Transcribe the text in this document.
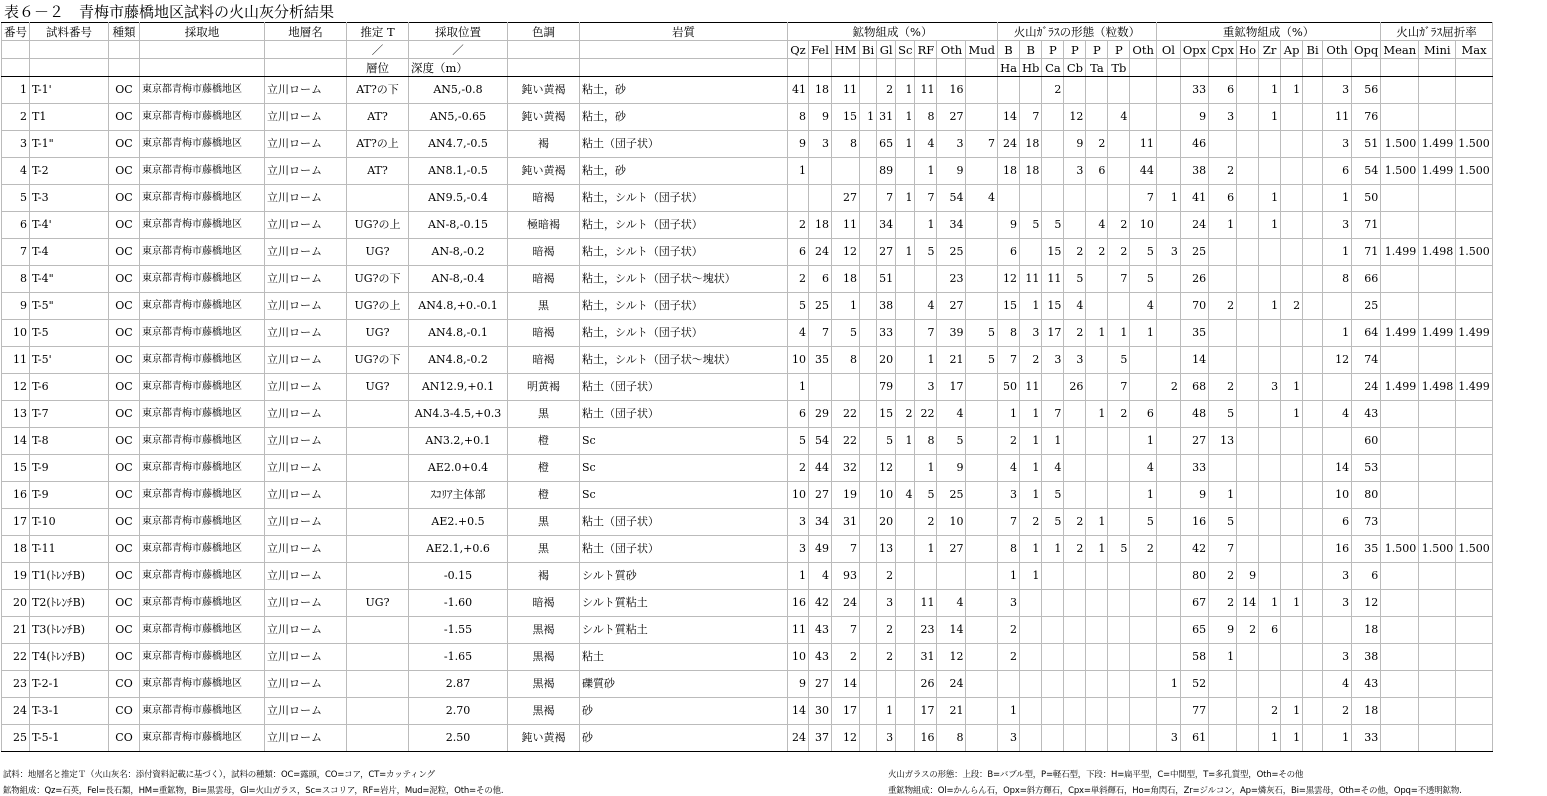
表６－２　青梅市藤橋地区試料の火山灰分析結果
番号	試料番号	種類	採取地	地層名	推定 T	採取位置	色調	岩質	鉱物組成（%）									火山ｶﾞﾗｽの形態（粒数）							重鉱物組成（%）									火山ｶﾞﾗｽ屈折率		
					／	／			Qz	Fel	HM	Bi	Gl	Sc	RF	Oth	Mud	B	B	P	P	P	P	Oth	Ol	Opx	Cpx	Ho	Zr	Ap	Bi	Oth	Opq	Mean	Mini	Max
					層位	深度（m）												Ha	Hb	Ca	Cb	Ta	Tb													
1	T-1'	OC	東京都青梅市藤橋地区	立川ローム	AT?の下	AN5,-0.8	鈍い黄褐	粘土，砂	41	18	11		2	1	11	16				2						33	6		1	1		3	56			
2	T1	OC	東京都青梅市藤橋地区	立川ローム	AT?	AN5,-0.65	鈍い黄褐	粘土，砂	8	9	15	1	31	1	8	27		14	7		12		4			9	3		1			11	76			
3	T-1"	OC	東京都青梅市藤橋地区	立川ローム	AT?の上	AN4.7,-0.5	褐	粘土（団子状）	9	3	8		65	1	4	3	7	24	18		9	2		11		46						3	51	1.500	1.499	1.500
4	T-2	OC	東京都青梅市藤橋地区	立川ローム	AT?	AN8.1,-0.5	鈍い黄褐	粘土，砂	1				89		1	9		18	18		3	6		44		38	2					6	54	1.500	1.499	1.500
5	T-3	OC	東京都青梅市藤橋地区	立川ローム		AN9.5,-0.4	暗褐	粘土，シルト（団子状）			27		7	1	7	54	4							7	1	41	6		1			1	50			
6	T-4'	OC	東京都青梅市藤橋地区	立川ローム	UG?の上	AN-8,-0.15	極暗褐	粘土，シルト（団子状）	2	18	11		34		1	34		9	5	5		4	2	10		24	1		1			3	71			
7	T-4	OC	東京都青梅市藤橋地区	立川ローム	UG?	AN-8,-0.2	暗褐	粘土，シルト（団子状）	6	24	12		27	1	5	25		6		15	2	2	2	5	3	25						1	71	1.499	1.498	1.500
8	T-4"	OC	東京都青梅市藤橋地区	立川ローム	UG?の下	AN-8,-0.4	暗褐	粘土，シルト（団子状～塊状）	2	6	18		51			23		12	11	11	5		7	5		26						8	66			
9	T-5"	OC	東京都青梅市藤橋地区	立川ローム	UG?の上	AN4.8,+0.-0.1	黒	粘土，シルト（団子状）	5	25	1		38		4	27		15	1	15	4			4		70	2		1	2			25			
10	T-5	OC	東京都青梅市藤橋地区	立川ローム	UG?	AN4.8,-0.1	暗褐	粘土，シルト（団子状）	4	7	5		33		7	39	5	8	3	17	2	1	1	1		35						1	64	1.499	1.499	1.499
11	T-5'	OC	東京都青梅市藤橋地区	立川ローム	UG?の下	AN4.8,-0.2	暗褐	粘土，シルト（団子状～塊状）	10	35	8		20		1	21	5	7	2	3	3		5			14						12	74			
12	T-6	OC	東京都青梅市藤橋地区	立川ローム	UG?	AN12.9,+0.1	明黄褐	粘土（団子状）	1				79		3	17		50	11		26		7		2	68	2		3	1			24	1.499	1.498	1.499
13	T-7	OC	東京都青梅市藤橋地区	立川ローム		AN4.3-4.5,+0.3	黒	粘土（団子状）	6	29	22		15	2	22	4		1	1	7		1	2	6		48	5			1		4	43			
14	T-8	OC	東京都青梅市藤橋地区	立川ローム		AN3.2,+0.1	橙	Sc	5	54	22		5	1	8	5		2	1	1				1		27	13						60			
15	T-9	OC	東京都青梅市藤橋地区	立川ローム		AE2.0+0.4	橙	Sc	2	44	32		12		1	9		4	1	4				4		33						14	53			
16	T-9	OC	東京都青梅市藤橋地区	立川ローム		ｽｺﾘｱ主体部	橙	Sc	10	27	19		10	4	5	25		3	1	5				1		9	1					10	80			
17	T-10	OC	東京都青梅市藤橋地区	立川ローム		AE2.+0.5	黒	粘土（団子状）	3	34	31		20		2	10		7	2	5	2	1		5		16	5					6	73			
18	T-11	OC	東京都青梅市藤橋地区	立川ローム		AE2.1,+0.6	黒	粘土（団子状）	3	49	7		13		1	27		8	1	1	2	1	5	2		42	7					16	35	1.500	1.500	1.500
19	T1(ﾄﾚﾝﾁB)	OC	東京都青梅市藤橋地区	立川ローム		-0.15	褐	シルト質砂	1	4	93		2					1	1							80	2	9				3	6			
20	T2(ﾄﾚﾝﾁB)	OC	東京都青梅市藤橋地区	立川ローム	UG?	-1.60	暗褐	シルト質粘土	16	42	24		3		11	4		3								67	2	14	1	1		3	12			
21	T3(ﾄﾚﾝﾁB)	OC	東京都青梅市藤橋地区	立川ローム		-1.55	黒褐	シルト質粘土	11	43	7		2		23	14		2								65	9	2	6				18			
22	T4(ﾄﾚﾝﾁB)	OC	東京都青梅市藤橋地区	立川ローム		-1.65	黒褐	粘土	10	43	2		2		31	12		2								58	1					3	38			
23	T-2-1	CO	東京都青梅市藤橋地区	立川ローム		2.87	黒褐	礫質砂	9	27	14				26	24									1	52						4	43			
24	T-3-1	CO	東京都青梅市藤橋地区	立川ローム		2.70	黒褐	砂	14	30	17		1		17	21		1								77			2	1		2	18			
25	T-5-1	CO	東京都青梅市藤橋地区	立川ローム		2.50	鈍い黄褐	砂	24	37	12		3		16	8		3							3	61			1	1		1	33			
試料：地層名と推定Ｔ（火山灰名：添付資料記載に基づく），試料の種類：OC=露頭，CO=コア，CT=カッティング
鉱物組成：Qz=石英，Fel=長石類，HM=重鉱物，Bi=黒雲母，Gl=火山ガラス，Sc=スコリア，RF=岩片，Mud=泥粒，Oth=その他.
火山ガラスの形態：上段：B=バブル型，P=軽石型，下段：H=扁平型，C=中間型，T=多孔質型，Oth=その他
重鉱物組成：Ol=かんらん石，Opx=斜方輝石，Cpx=単斜輝石，Ho=角閃石，Zr=ジルコン，Ap=燐灰石，Bi=黒雲母，Oth=その他，Opq=不透明鉱物.
